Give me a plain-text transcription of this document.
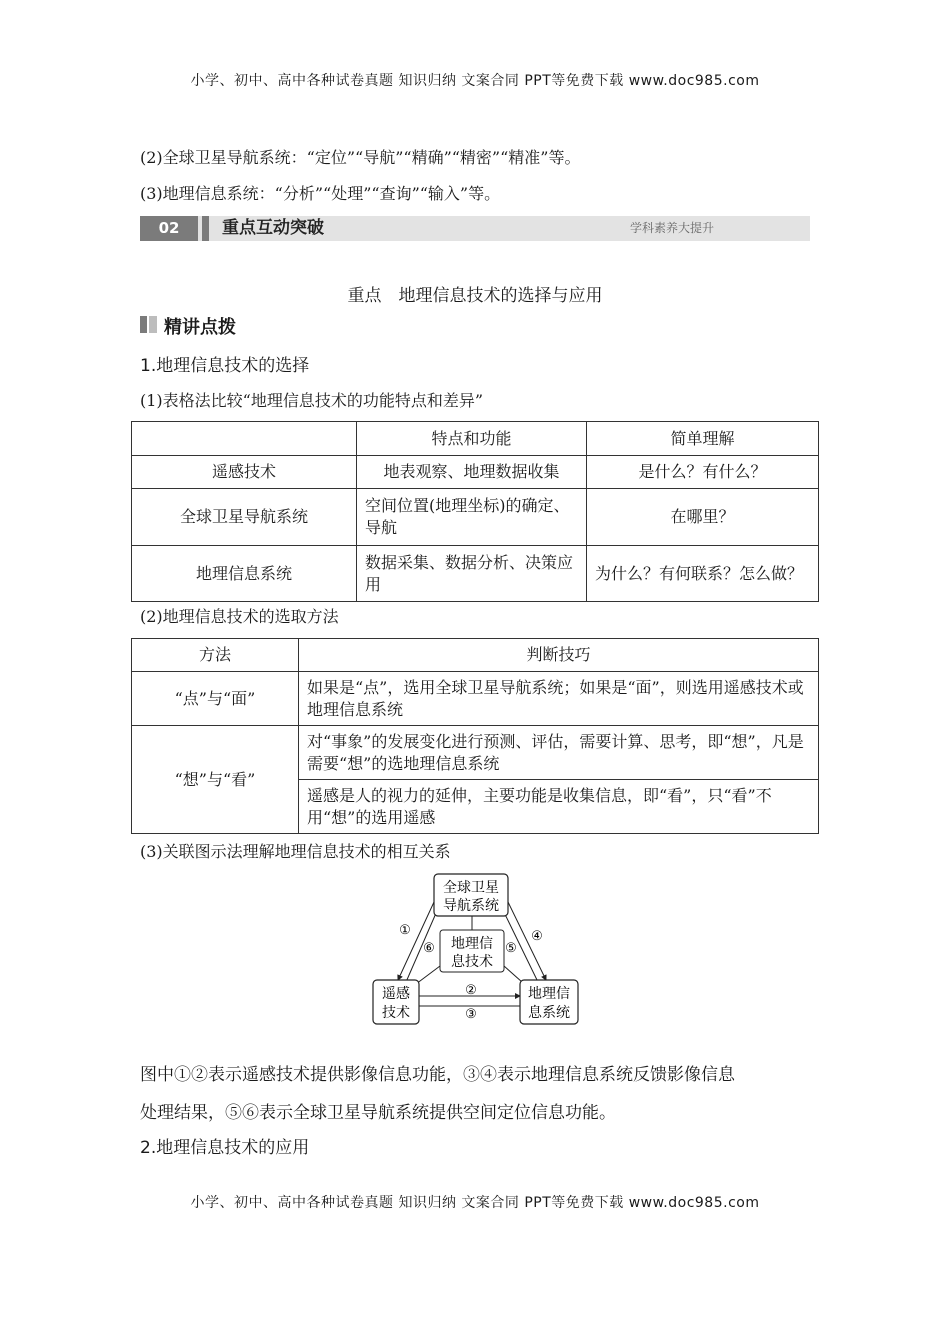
小学、初中、高中各种试卷真题 知识归纳 文案合同 PPT等免费下载 www.doc985.com
(2)全球卫星导航系统：“定位”“导航”“精确”“精密”“精准”等。
(3)地理信息系统：“分析”“处理”“查询”“输入”等。
02	重点互动突破	学科素养大提升
重点　地理信息技术的选择与应用
精讲点拨
1.地理信息技术的选择
(1)表格法比较“地理信息技术的功能特点和差异”
	特点和功能	简单理解
遥感技术	地表观察、地理数据收集	是什么？有什么？
全球卫星导航系统	空间位置(地理坐标)的确定、导航	在哪里？
地理信息系统	数据采集、数据分析、决策应用	为什么？有何联系？怎么做？
(2)地理信息技术的选取方法
方法	判断技巧
“点”与“面”	如果是“点”，选用全球卫星导航系统；如果是“面”，则选用遥感技术或地理信息系统
“想”与“看”	对“事象”的发展变化进行预测、评估，需要计算、思考，即“想”，凡是需要“想”的选地理信息系统
	遥感是人的视力的延伸，主要功能是收集信息，即“看”，只“看”不用“想”的选用遥感
(3)关联图示法理解地理信息技术的相互关系
全球卫星
导航系统
地理信
息技术
遥感
技术
地理信
息系统
①
②
③
④
⑤
⑥
图中①②表示遥感技术提供影像信息功能，③④表示地理信息系统反馈影像信息
处理结果，⑤⑥表示全球卫星导航系统提供空间定位信息功能。
2.地理信息技术的应用
小学、初中、高中各种试卷真题 知识归纳 文案合同 PPT等免费下载 www.doc985.com
